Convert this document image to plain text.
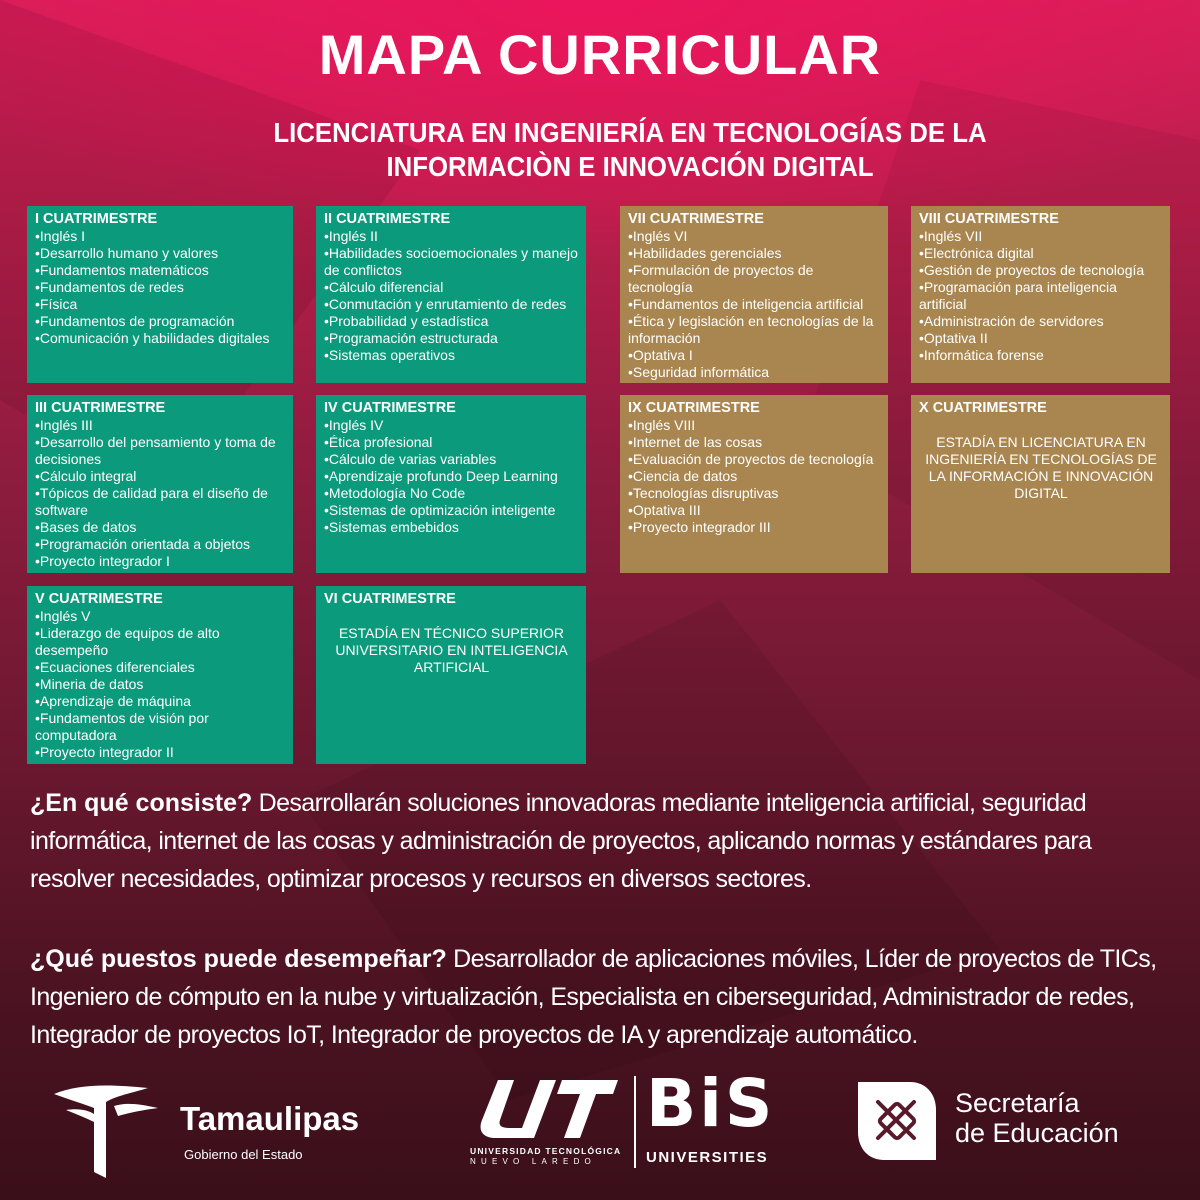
MAPA CURRICULAR
LICENCIATURA EN INGENIERÍA EN TECNOLOGÍAS DE LA
INFORMACIÒN E INNOVACIÓN DIGITAL
I CUATRIMESTRE
• Inglés I
• Desarrollo humano y valores
• Fundamentos matemáticos
• Fundamentos de redes
• Física
• Fundamentos de programación
• Comunicación y habilidades digitales
II CUATRIMESTRE
• Inglés II
• Habilidades socioemocionales y manejo de conflictos
• Cálculo diferencial
• Conmutación y enrutamiento de redes
• Probabilidad y estadística
• Programación estructurada
• Sistemas operativos
VII CUATRIMESTRE
• Inglés VI
• Habilidades gerenciales
• Formulación de proyectos de tecnología
• Fundamentos de inteligencia artificial
• Ética y legislación en tecnologías de la información
• Optativa I
• Seguridad informática
VIII CUATRIMESTRE
• Inglés VII
• Electrónica digital
• Gestión de proyectos de tecnología
• Programación para inteligencia artificial
• Administración de servidores
• Optativa II
• Informática forense
III CUATRIMESTRE
• Inglés III
• Desarrollo del pensamiento y toma de decisiones
• Cálculo integral
• Tópicos de calidad para el diseño de software
• Bases de datos
• Programación orientada a objetos
• Proyecto integrador I
IV CUATRIMESTRE
• Inglés IV
• Ética profesional
• Cálculo de varias variables
• Aprendizaje profundo Deep Learning
• Metodología No Code
• Sistemas de optimización inteligente
• Sistemas embebidos
IX CUATRIMESTRE
• Inglés VIII
• Internet de las cosas
• Evaluación de proyectos de tecnología
• Ciencia de datos
• Tecnologías disruptivas
• Optativa III
• Proyecto integrador III
X CUATRIMESTRE
ESTADÍA EN LICENCIATURA EN INGENIERÍA EN TECNOLOGÍAS DE LA INFORMACIÓN E INNOVACIÓN DIGITAL
V CUATRIMESTRE
• Inglés V
• Liderazgo de equipos de alto desempeño
• Ecuaciones diferenciales
• Mineria de datos
• Aprendizaje de máquina
• Fundamentos de visión por computadora
• Proyecto integrador II
VI CUATRIMESTRE
ESTADÍA EN TÉCNICO SUPERIOR UNIVERSITARIO EN INTELIGENCIA ARTIFICIAL
¿En qué consiste? Desarrollarán soluciones innovadoras mediante inteligencia artificial, seguridad informática, internet de las cosas y administración de proyectos, aplicando normas y estándares para resolver necesidades, optimizar procesos y recursos en diversos sectores.
¿Qué puestos puede desempeñar? Desarrollador de aplicaciones móviles, Líder de proyectos de TICs, Ingeniero de cómputo en la nube y virtualización, Especialista en ciberseguridad, Administrador de redes, Integrador de proyectos IoT, Integrador de proyectos de IA y aprendizaje automático.
Tamaulipas
Gobierno del Estado	UNIVERSIDAD TECNOLÓGICA
NUEVO LAREDO
BiS
UNIVERSITIES
Secretaría
de Educación
